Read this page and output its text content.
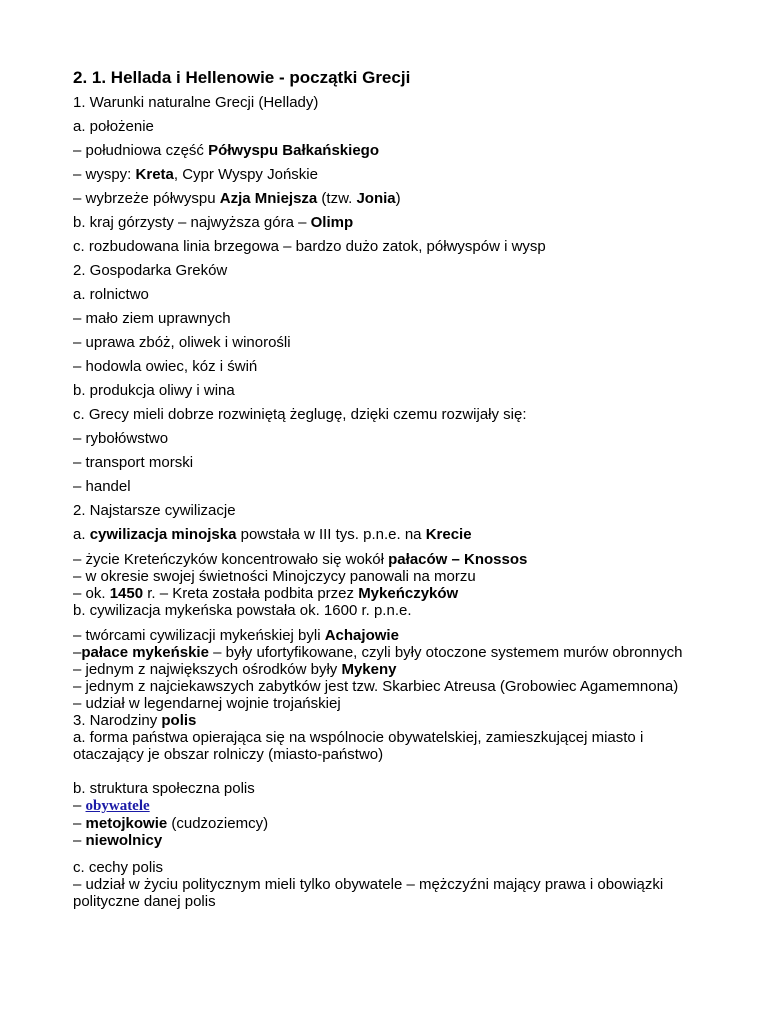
2. 1. Hellada i Hellenowie - początki Grecji
1. Warunki naturalne Grecji (Hellady)
a. położenie
– południowa część Półwyspu Bałkańskiego
– wyspy: Kreta, Cypr Wyspy Jońskie
– wybrzeże półwyspu Azja Mniejsza (tzw. Jonia)
b. kraj górzysty – najwyższa góra – Olimp
c. rozbudowana linia brzegowa – bardzo dużo zatok, półwyspów i wysp
2. Gospodarka Greków
a. rolnictwo
– mało ziem uprawnych
– uprawa zbóż, oliwek i winorośli
– hodowla owiec, kóz i świń
b. produkcja oliwy i wina
c. Grecy mieli dobrze rozwiniętą żeglugę, dzięki czemu rozwijały się:
– rybołówstwo
– transport morski
– handel
2. Najstarsze cywilizacje
a. cywilizacja minojska powstała w III tys. p.n.e. na Krecie
– życie Kreteńczyków koncentrowało się wokół pałaców – Knossos
– w okresie swojej świetności Minojczycy panowali na morzu
– ok. 1450 r. – Kreta została podbita przez Mykeńczyków
b. cywilizacja mykeńska powstała ok. 1600 r. p.n.e.
– twórcami cywilizacji mykeńskiej byli Achajowie
–pałace mykeńskie – były ufortyfikowane, czyli były otoczone systemem murów obronnych
– jednym z największych ośrodków były Mykeny
– jednym z najciekawszych zabytków jest tzw. Skarbiec Atreusa (Grobowiec Agamemnona)
– udział w legendarnej wojnie trojańskiej
3. Narodziny polis
a. forma państwa opierająca się na wspólnocie obywatelskiej, zamieszkującej miasto i otaczający je obszar rolniczy (miasto-państwo)
b. struktura społeczna polis
– obywatele
– metojkowie (cudzoziemcy)
– niewolnicy
c. cechy polis
– udział w życiu politycznym mieli tylko obywatele – mężczyźni mający prawa i obowiązki polityczne danej polis
